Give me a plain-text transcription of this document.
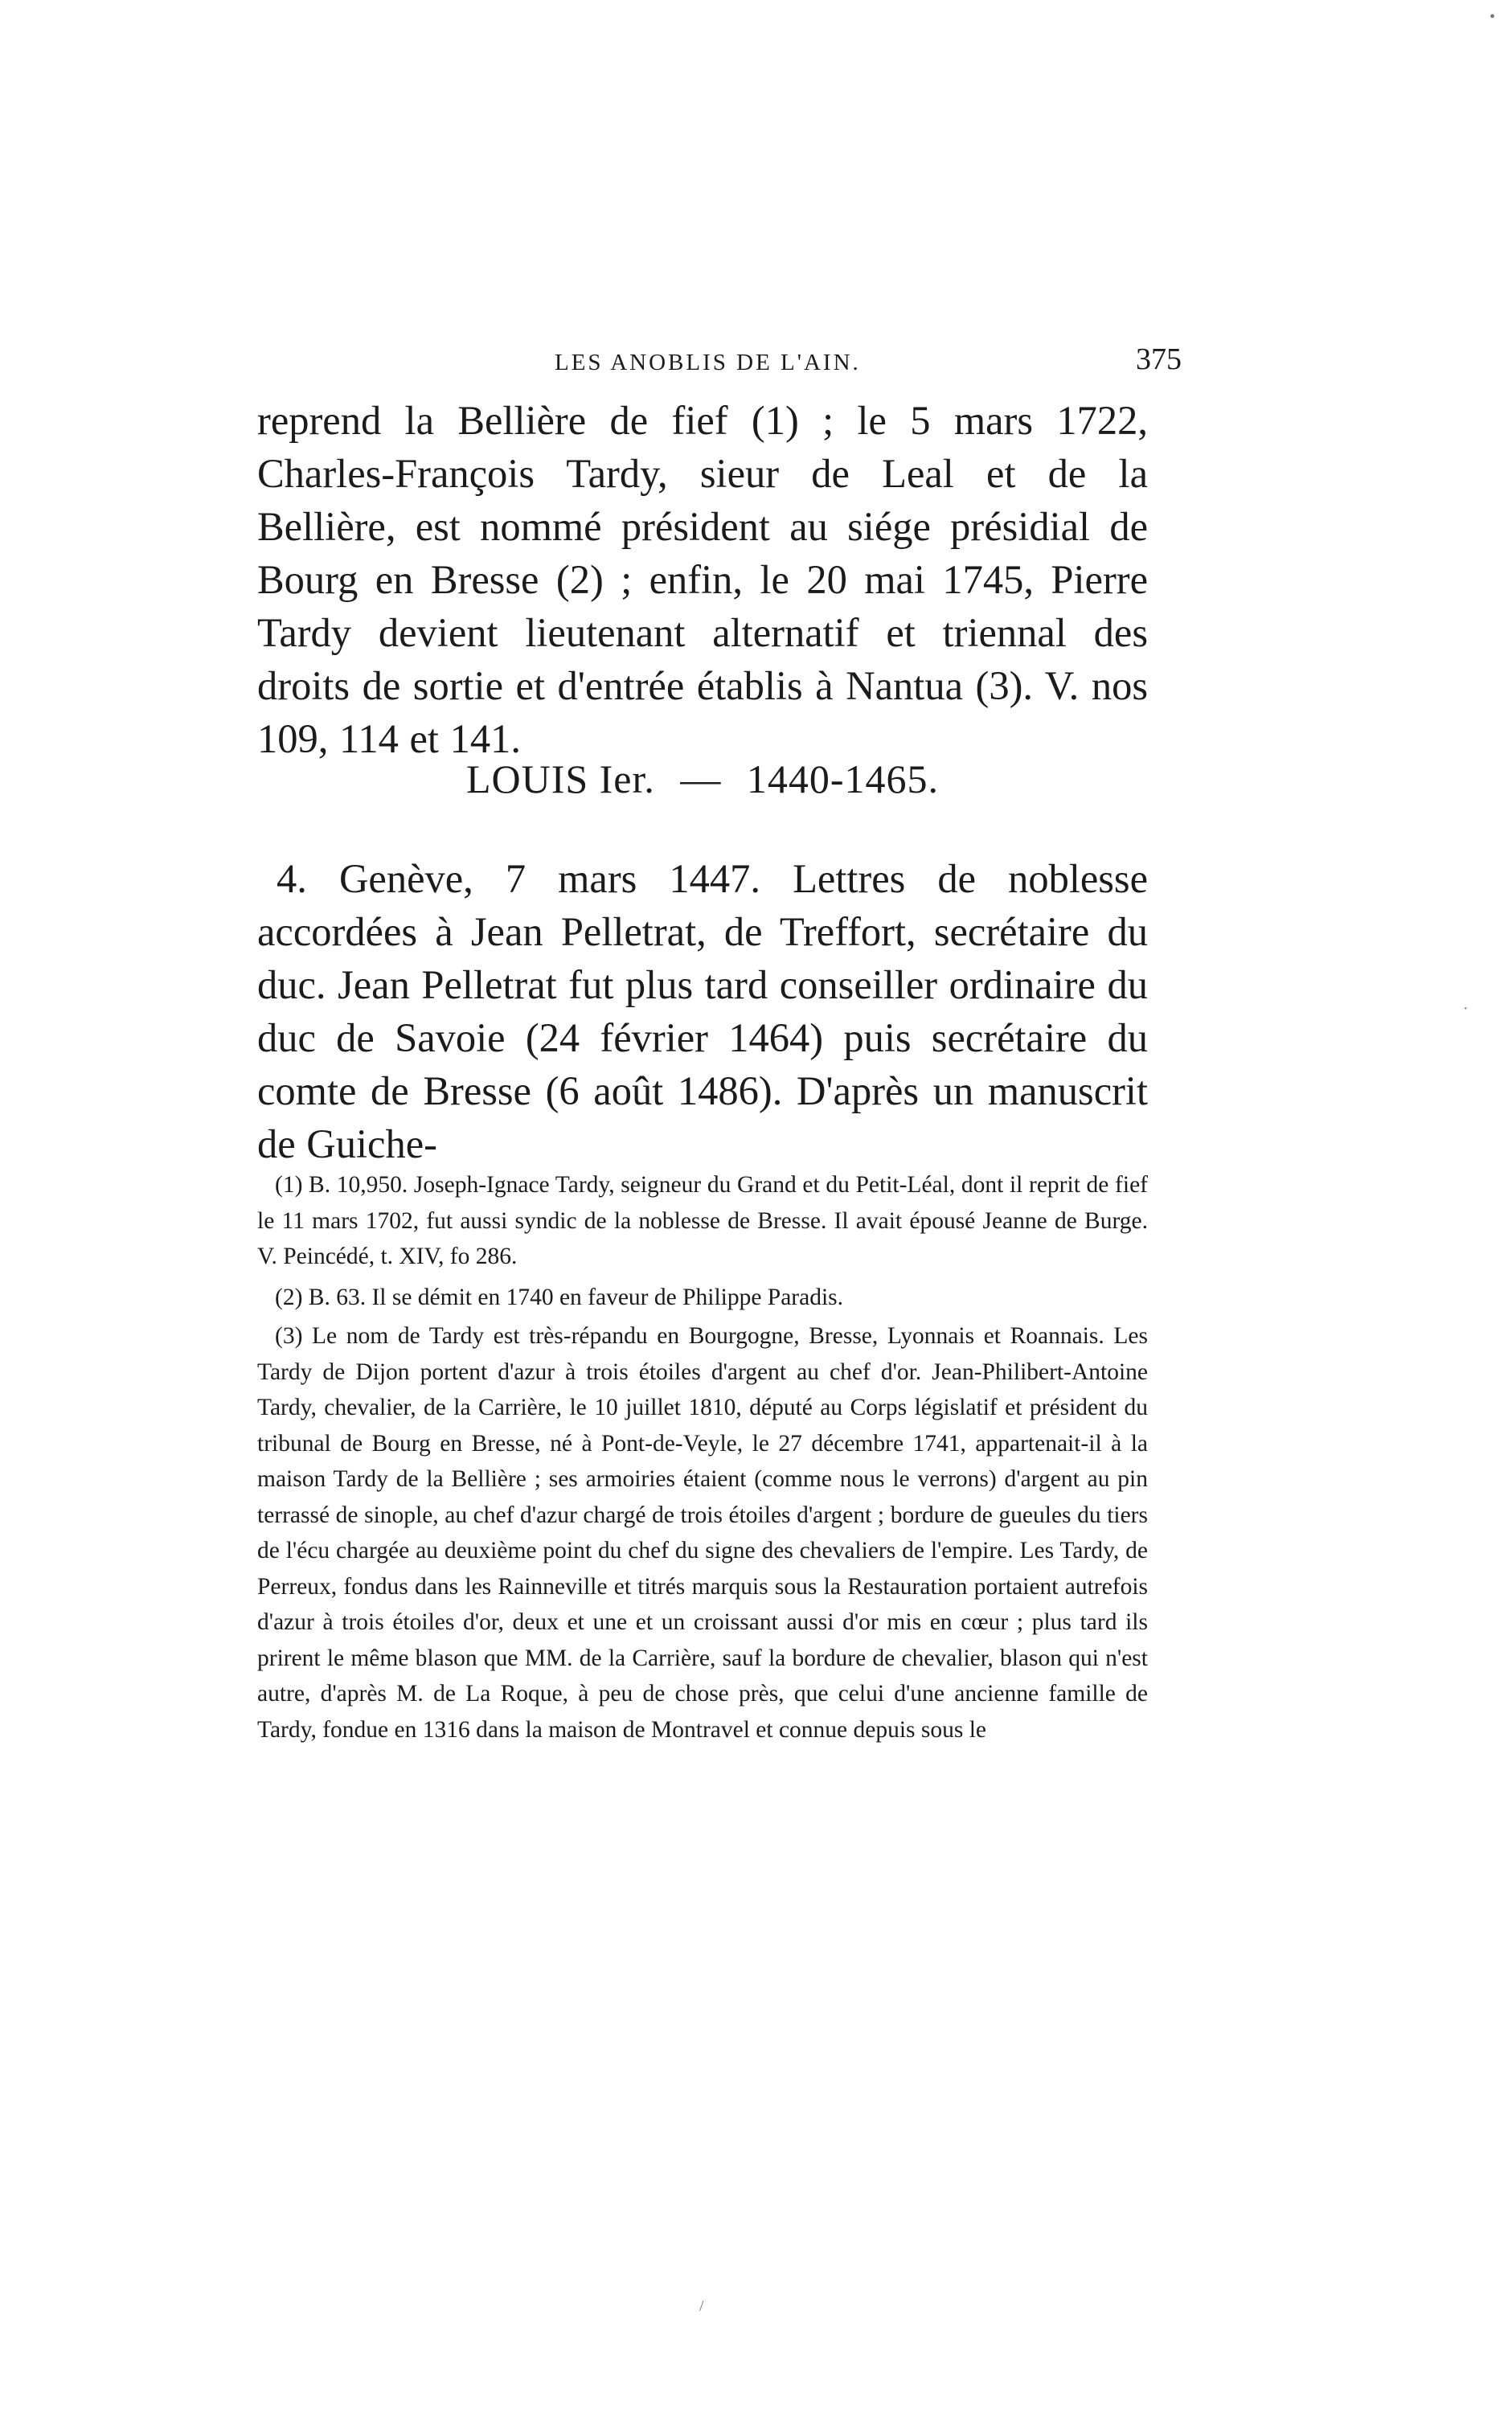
LES ANOBLIS DE L'AIN.	375

reprend la Bellière de fief (1) ; le 5 mars 1722, Charles-François Tardy, sieur de Leal et de la Bellière, est nommé président au siége présidial de Bourg en Bresse (2) ; enfin, le 20 mai 1745, Pierre Tardy devient lieutenant alternatif et triennal des droits de sortie et d'entrée établis à Nantua (3). V. nos 109, 114 et 141.

LOUIS Ier. — 1440-1465.

4. Genève, 7 mars 1447. Lettres de noblesse accordées à Jean Pelletrat, de Treffort, secrétaire du duc. Jean Pelletrat fut plus tard conseiller ordinaire du duc de Savoie (24 février 1464) puis secrétaire du comte de Bresse (6 août 1486). D'après un manuscrit de Guiche-

(1) B. 10,950. Joseph-Ignace Tardy, seigneur du Grand et du Petit-Léal, dont il reprit de fief le 11 mars 1702, fut aussi syndic de la noblesse de Bresse. Il avait épousé Jeanne de Burge. V. Peincédé, t. XIV, fo 286.

(2) B. 63. Il se démit en 1740 en faveur de Philippe Paradis.

(3) Le nom de Tardy est très-répandu en Bourgogne, Bresse, Lyonnais et Roannais. Les Tardy de Dijon portent d'azur à trois étoiles d'argent au chef d'or. Jean-Philibert-Antoine Tardy, chevalier, de la Carrière, le 10 juillet 1810, député au Corps législatif et président du tribunal de Bourg en Bresse, né à Pont-de-Veyle, le 27 décembre 1741, appartenait-il à la maison Tardy de la Bellière ; ses armoiries étaient (comme nous le verrons) d'argent au pin terrassé de sinople, au chef d'azur chargé de trois étoiles d'argent ; bordure de gueules du tiers de l'écu chargée au deuxième point du chef du signe des chevaliers de l'empire. Les Tardy, de Perreux, fondus dans les Rainneville et titrés marquis sous la Restauration portaient autrefois d'azur à trois étoiles d'or, deux et une et un croissant aussi d'or mis en cœur ; plus tard ils prirent le même blason que MM. de la Carrière, sauf la bordure de chevalier, blason qui n'est autre, d'après M. de La Roque, à peu de chose près, que celui d'une ancienne famille de Tardy, fondue en 1316 dans la maison de Montravel et connue depuis sous le

•
·
/
